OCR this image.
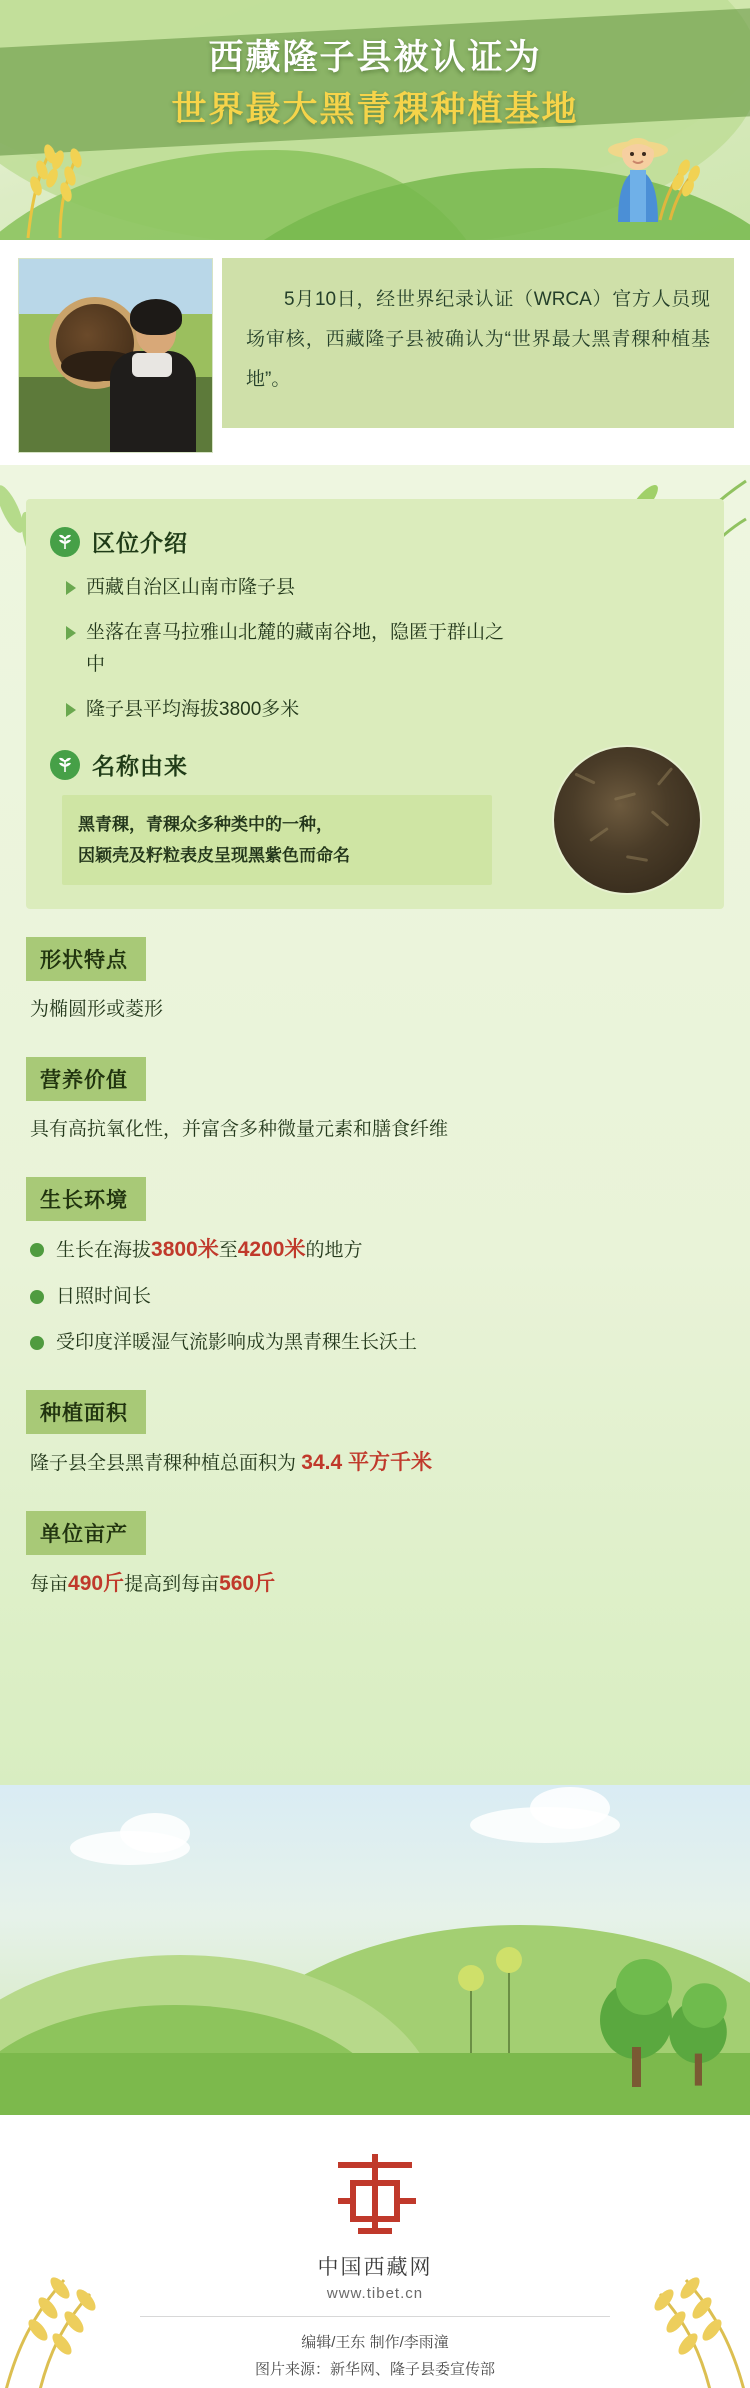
西藏隆子县被认证为
世界最大黑青稞种植基地
5月10日，经世界纪录认证（WRCA）官方人员现场审核，西藏隆子县被确认为“世界最大黑青稞种植基地”。
区位介绍
西藏自治区山南市隆子县
坐落在喜马拉雅山北麓的藏南谷地，隐匿于群山之中
隆子县平均海拔3800多米
名称由来

黑青稞，青稞众多种类中的一种，

因颖壳及籽粒表皮呈现黑紫色而命名

形状特点

为椭圆形或菱形

营养价值

具有高抗氧化性，并富含多种微量元素和膳食纤维

生长环境
生长在海拔3800米至4200米的地方
日照时间长
受印度洋暖湿气流影响成为黑青稞生长沃土
种植面积

隆子县全县黑青稞种植总面积为 34.4 平方千米

单位亩产

每亩490斤提高到每亩560斤

中国西藏网
www.tibet.cn
编辑/王东 制作/李雨潼
图片来源：新华网、隆子县委宣传部
